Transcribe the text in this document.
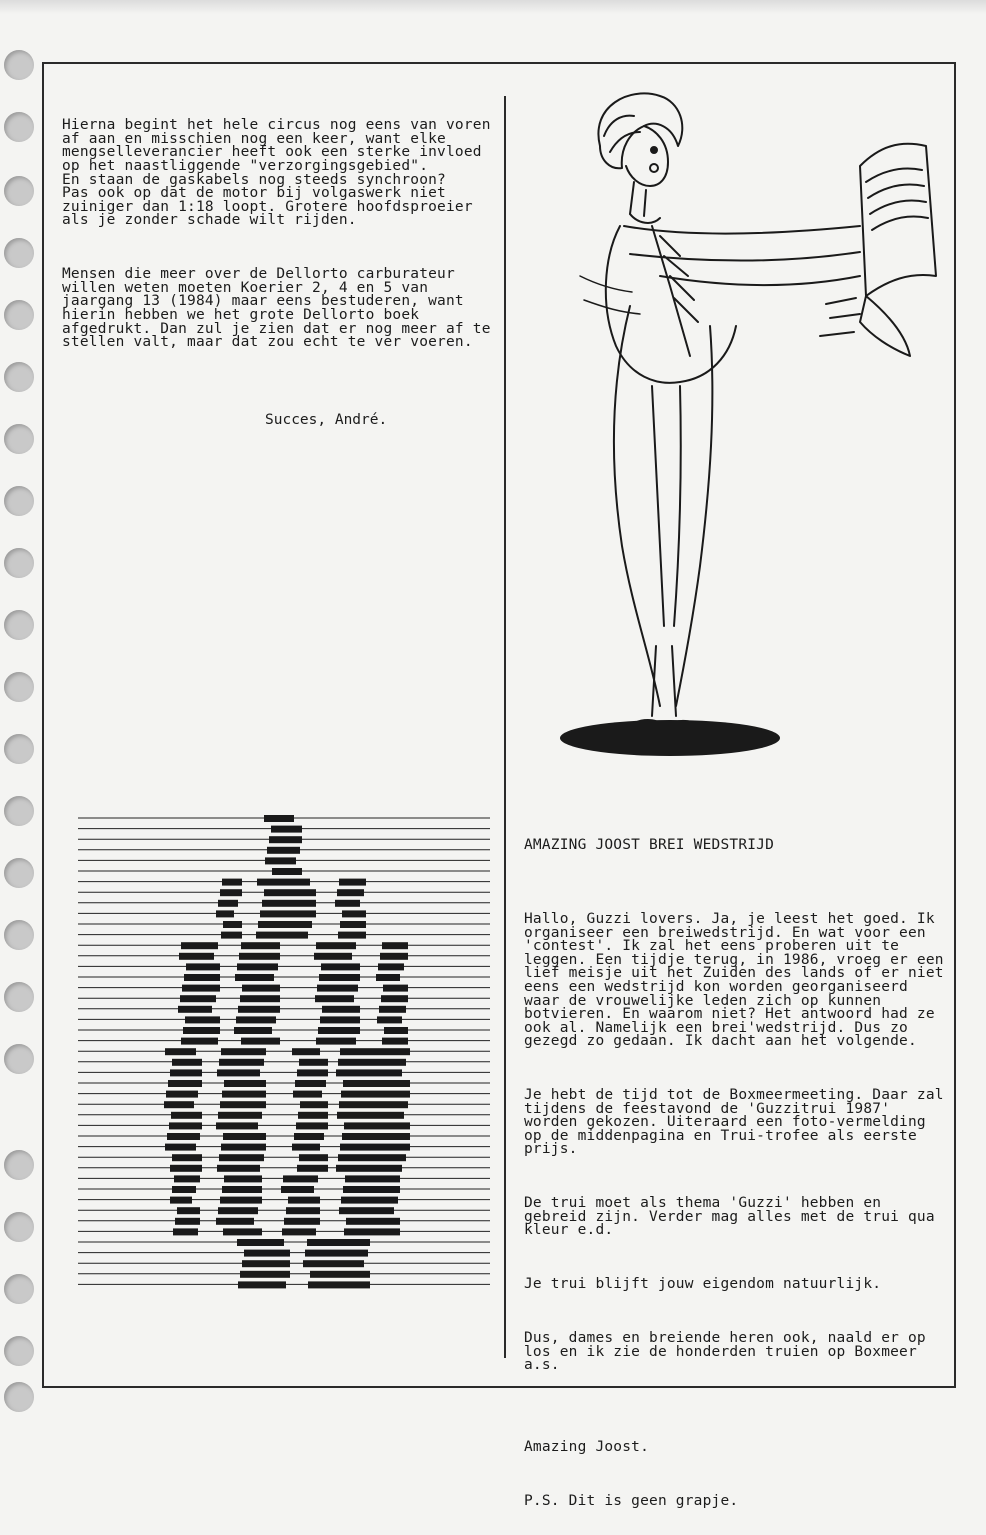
Hierna begint het hele circus nog eens van voren af aan en misschien nog een keer, want elke mengselleverancier heeft ook een sterke invloed op het naastliggende "verzorgingsgebied".
En staan de gaskabels nog steeds synchroon?
Pas ook op dat de motor bij volgaswerk niet zuiniger dan 1:18 loopt. Grotere hoofdsproeier als je zonder schade wilt rijden.

Mensen die meer over de Dellorto carburateur willen weten moeten Koerier 2, 4 en 5 van jaargang 13 (1984) maar eens bestuderen, want hierin hebben we het grote Dellorto boek afgedrukt. Dan zul je zien dat er nog meer af te stellen valt, maar dat zou echt te ver voeren.

Succes, André.

AMAZING JOOST BREI WEDSTRIJD

Hallo, Guzzi lovers. Ja, je leest het goed. Ik organiseer een breiwedstrijd. En wat voor een 'contest'. Ik zal het eens proberen uit te leggen. Een tijdje terug, in 1986, vroeg er een lief meisje uit het Zuiden des lands of er niet eens een wedstrijd kon worden georganiseerd waar de vrouwelijke leden zich op kunnen botvieren. En waarom niet? Het antwoord had ze ook al. Namelijk een brei'wedstrijd. Dus zo gezegd zo gedaan. Ik dacht aan het volgende.

Je hebt de tijd tot de Boxmeermeeting. Daar zal tijdens de feestavond de 'Guzzitrui 1987' worden gekozen. Uiteraard een foto-vermelding op de middenpagina en Trui-trofee als eerste prijs.

De trui moet als thema 'Guzzi' hebben en gebreid zijn. Verder mag alles met de trui qua kleur e.d.

Je trui blijft jouw eigendom natuurlijk.

Dus, dames en breiende heren ook, naald er op los en ik zie de honderden truien op Boxmeer a.s.

Amazing Joost.

P.S. Dit is geen grapje.
